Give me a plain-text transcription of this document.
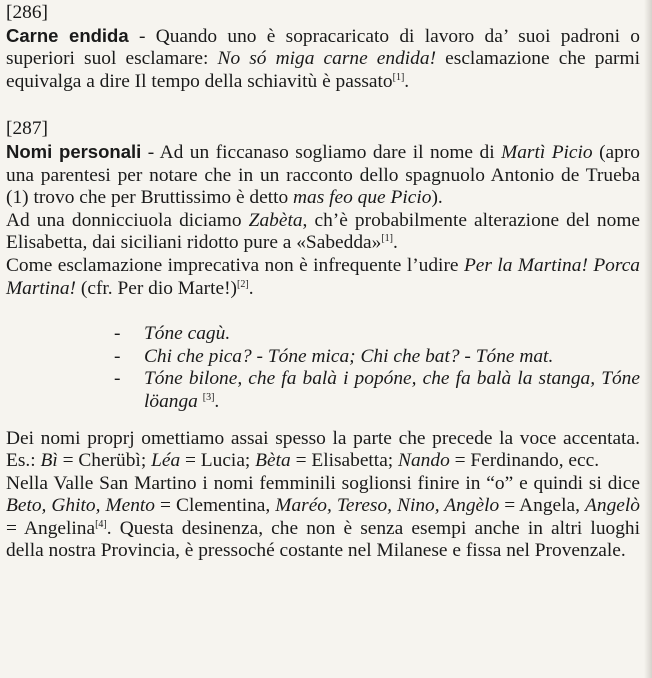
[286]

Carne endida - Quando uno è sopracaricato di lavoro da’ suoi padroni o superiori suol esclamare: No só miga carne endida! esclamazione che parmi equivalga a dire Il tempo della schiavitù è passato[1].

[287]

Nomi personali - Ad un ficcanaso sogliamo dare il nome di Martì Picio (apro una parentesi per notare che in un racconto dello spagnuolo Antonio de Trueba (1) trovo che per Bruttissimo è detto mas feo que Picio).

Ad una donnicciuola diciamo Zabèta, ch’è probabilmente alterazione del nome Elisabetta, dai siciliani ridotto pure a «Sabedda»[1].

Come esclamazione imprecativa non è infrequente l’udire Per la Martina! Porca Martina! (cfr. Per dio Marte!)[2].

- Tóne cagù.
- Chi che pica? - Tóne mica; Chi che bat? - Tóne mat.
- Tóne bilone, che fa balà i popóne, che fa balà la stanga, Tóne löanga [3].

Dei nomi proprj omettiamo assai spesso la parte che precede la voce accentata. Es.: Bì = Cherübì; Léa = Lucia; Bèta = Elisabetta; Nando = Ferdinando, ecc.

Nella Valle San Martino i nomi femminili soglionsi finire in “o” e quindi si dice Beto, Ghito, Mento = Clementina, Maréo, Tereso, Nino, Angèlo = Angela, Angelò = Angelina[4]. Questa desinenza, che non è senza esempi anche in altri luoghi della nostra Provincia, è pressoché costante nel Milanese e fissa nel Provenzale.
